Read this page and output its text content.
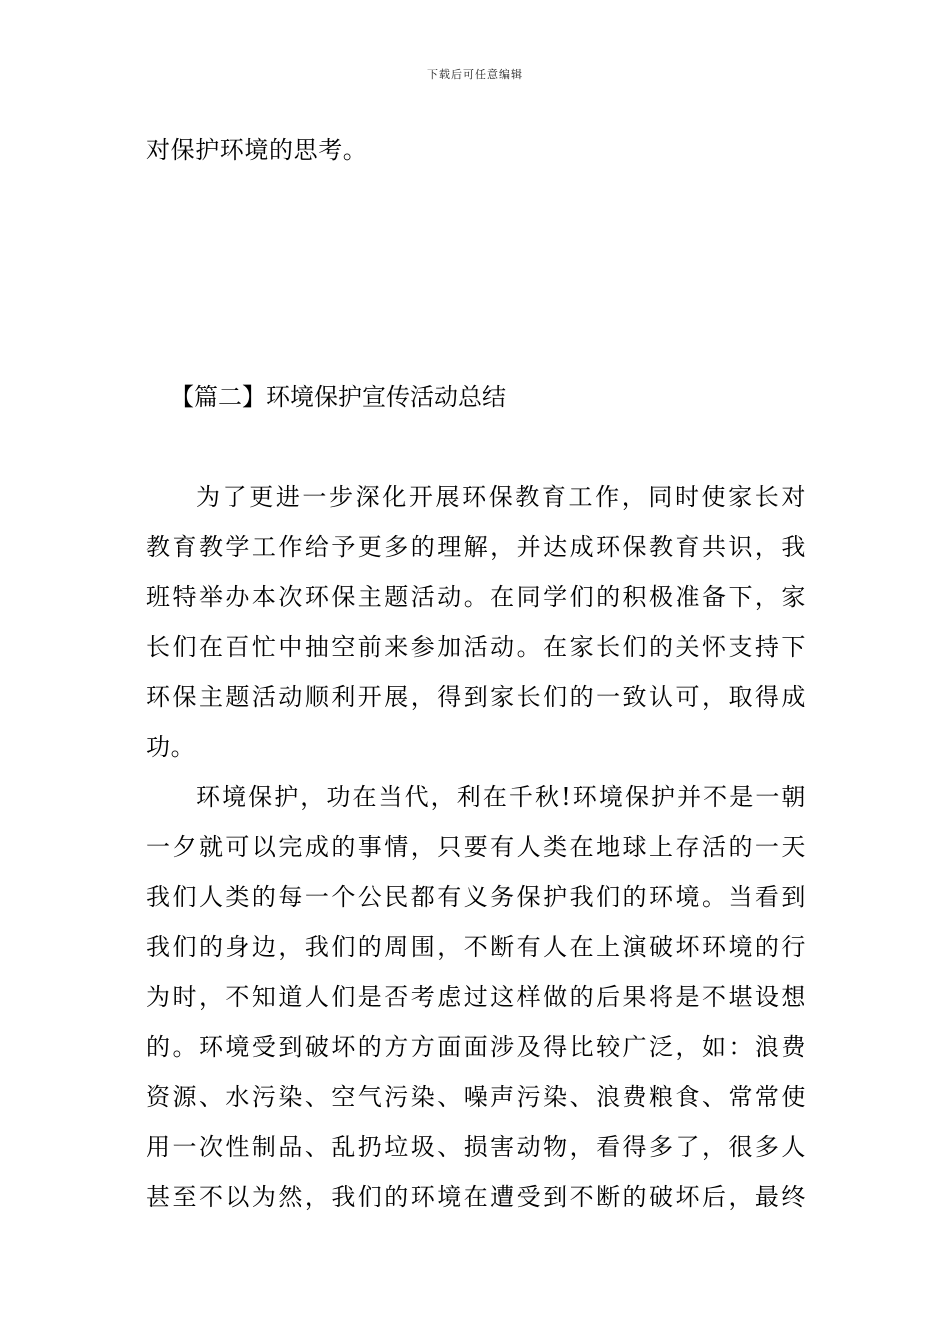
下载后可任意编辑
对保护环境的思考。
【篇二】环境保护宣传活动总结
为了更进一步深化开展环保教育工作，同时使家长对
教育教学工作给予更多的理解，并达成环保教育共识，我
班特举办本次环保主题活动。在同学们的积极准备下，家
长们在百忙中抽空前来参加活动。在家长们的关怀支持下
环保主题活动顺利开展，得到家长们的一致认可，取得成
功。
环境保护，功在当代，利在千秋!环境保护并不是一朝
一夕就可以完成的事情，只要有人类在地球上存活的一天
我们人类的每一个公民都有义务保护我们的环境。当看到
我们的身边，我们的周围，不断有人在上演破坏环境的行
为时，不知道人们是否考虑过这样做的后果将是不堪设想
的。环境受到破坏的方方面面涉及得比较广泛，如：浪费
资源、水污染、空气污染、噪声污染、浪费粮食、常常使
用一次性制品、乱扔垃圾、损害动物，看得多了，很多人
甚至不以为然，我们的环境在遭受到不断的破坏后，最终
